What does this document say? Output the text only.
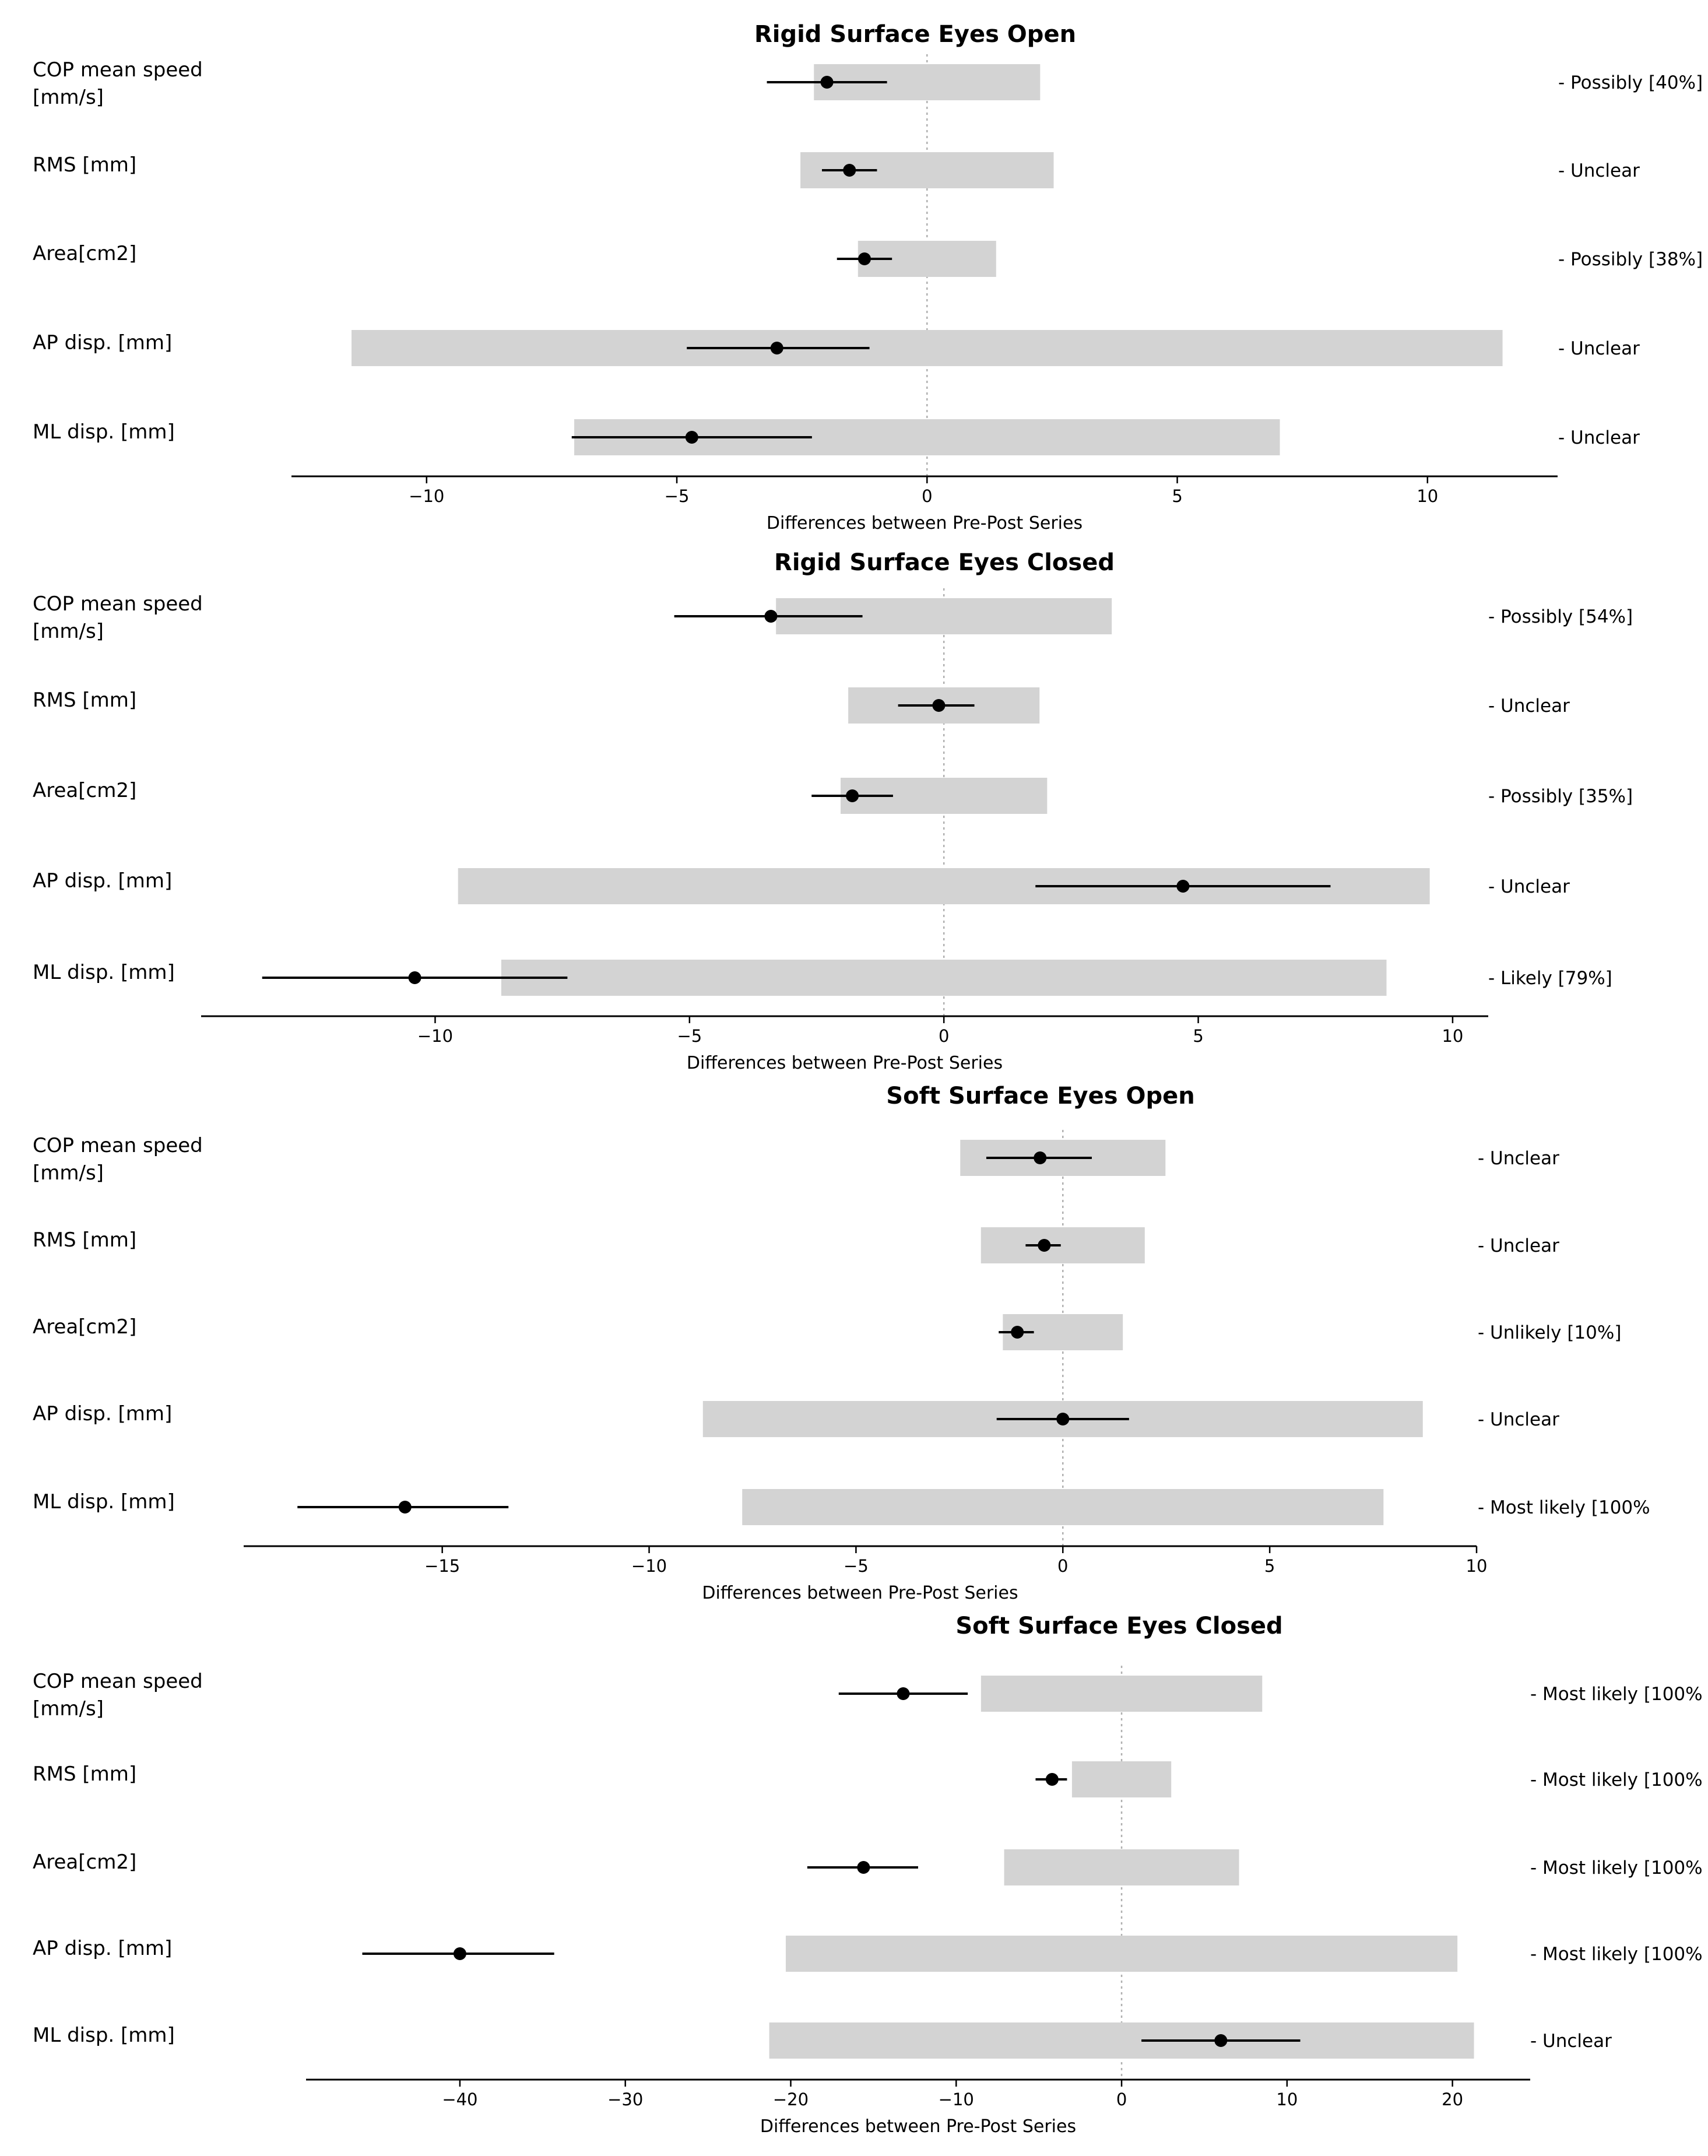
Rigid Surface Eyes Open
COP mean speed
[mm/s]
- Possibly [40%]
RMS [mm]	- Unclear
Area[cm2]	- Possibly [38%]
AP disp. [mm]	- Unclear
ML disp. [mm]	- Unclear
−10	−5	0	5	10
Differences between Pre-Post Series
Rigid Surface Eyes Closed
COP mean speed
[mm/s]
- Possibly [54%]
RMS [mm]	- Unclear
Area[cm2]	- Possibly [35%]
AP disp. [mm]	- Unclear
ML disp. [mm]	- Likely [79%]
−10	−5	0	5	10
Differences between Pre-Post Series
Soft Surface Eyes Open
COP mean speed
[mm/s]
- Unclear
RMS [mm]	- Unclear
Area[cm2]	- Unlikely [10%]
AP disp. [mm]	- Unclear
ML disp. [mm]	- Most likely [100%
−15	−10	−5	0	5	10
Differences between Pre-Post Series
Soft Surface Eyes Closed
COP mean speed
[mm/s]
- Most likely [100%
RMS [mm]	- Most likely [100%
Area[cm2]	- Most likely [100%
AP disp. [mm]	- Most likely [100%
ML disp. [mm]	- Unclear
−40	−30	−20	−10	0	10	20
Differences between Pre-Post Series
